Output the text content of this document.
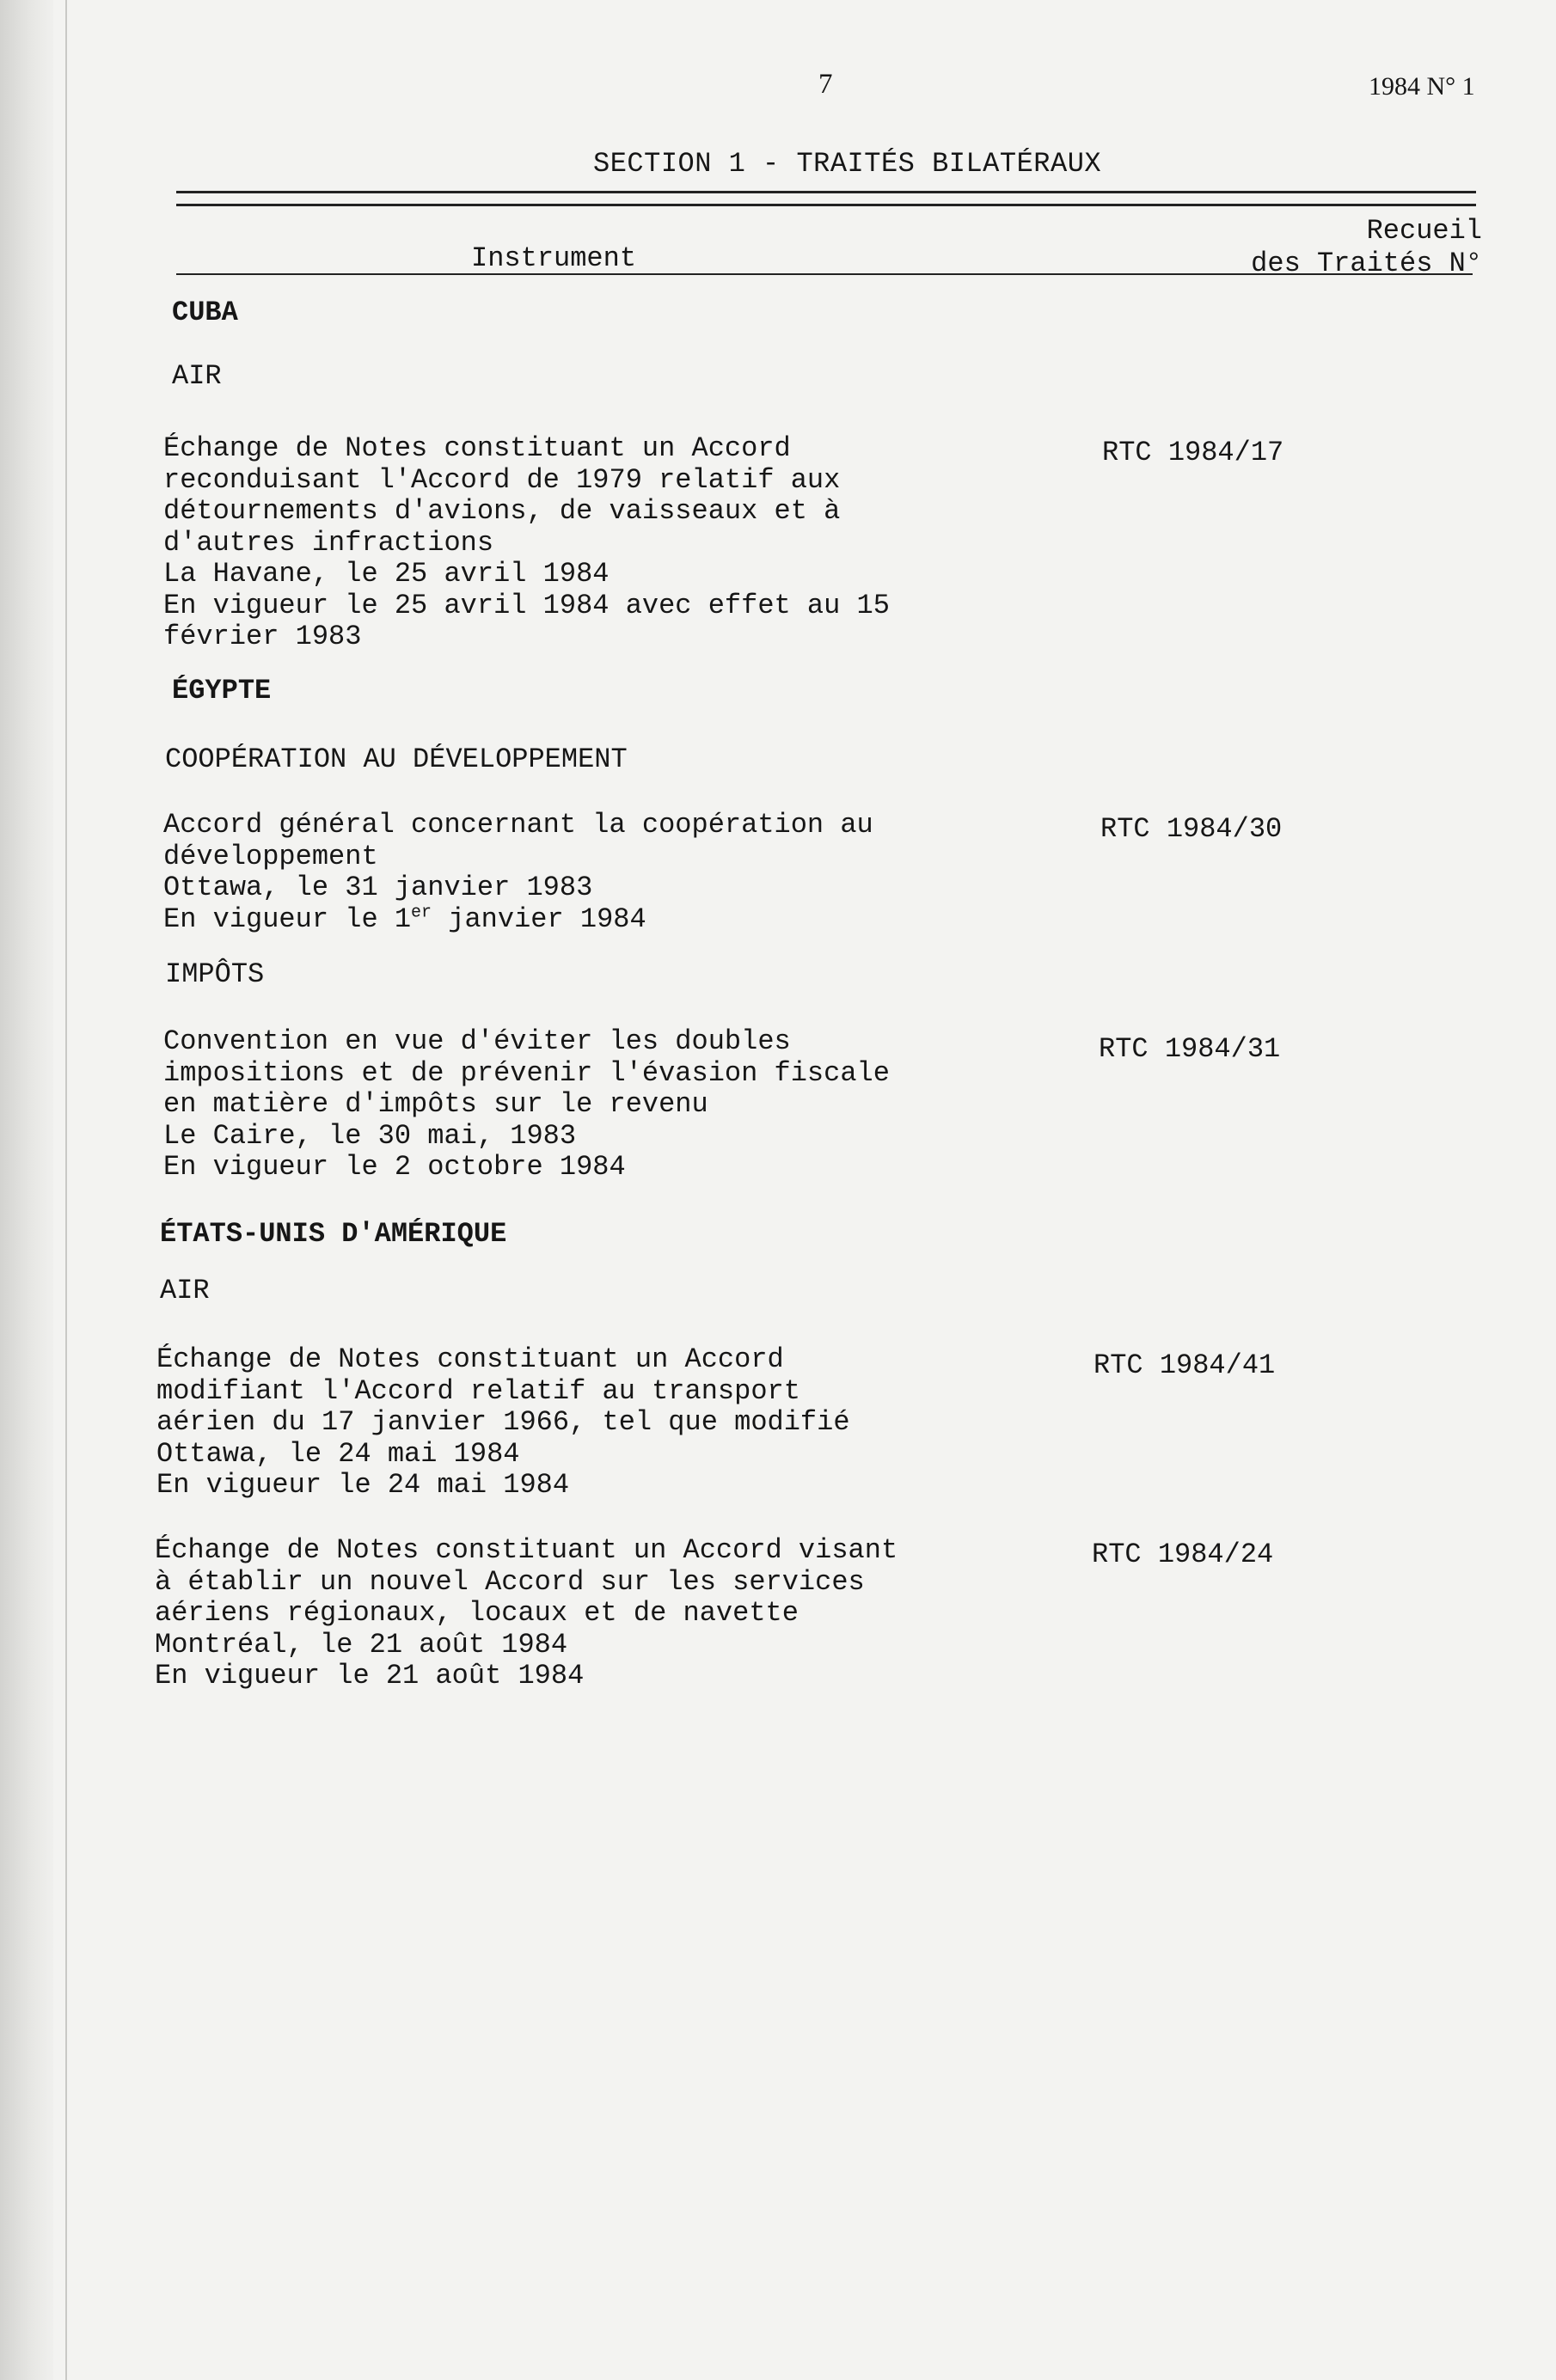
7	1984 N° 1
SECTION 1 - TRAITÉS BILATÉRAUX
Instrument
Recueil
des Traités N°
CUBA
AIR
Échange de Notes constituant un Accord
reconduisant l'Accord de 1979 relatif aux
détournements d'avions, de vaisseaux et à
d'autres infractions
La Havane, le 25 avril 1984
En vigueur le 25 avril 1984 avec effet au 15
février 1983
RTC 1984/17
ÉGYPTE
COOPÉRATION AU DÉVELOPPEMENT
Accord général concernant la coopération au
développement
Ottawa, le 31 janvier 1983
En vigueur le 1er janvier 1984
RTC 1984/30
IMPÔTS
Convention en vue d'éviter les doubles
impositions et de prévenir l'évasion fiscale
en matière d'impôts sur le revenu
Le Caire, le 30 mai, 1983
En vigueur le 2 octobre 1984
RTC 1984/31
ÉTATS-UNIS D'AMÉRIQUE
AIR
Échange de Notes constituant un Accord
modifiant l'Accord relatif au transport
aérien du 17 janvier 1966, tel que modifié
Ottawa, le 24 mai 1984
En vigueur le 24 mai 1984
RTC 1984/41
Échange de Notes constituant un Accord visant
à établir un nouvel Accord sur les services
aériens régionaux, locaux et de navette
Montréal, le 21 août 1984
En vigueur le 21 août 1984
RTC 1984/24
